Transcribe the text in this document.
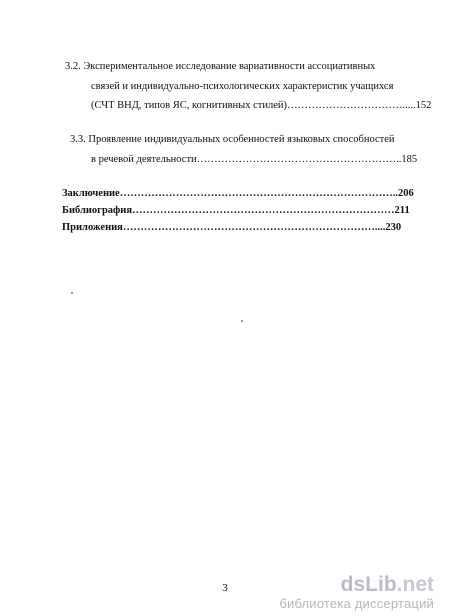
3.2. Экспериментальное исследование вариативности ассоциативных
связей и индивидуально-психологических характеристик учащихся
(СЧТ ВНД, типов ЯС, когнитивных стилей)…………………………….....152
3.3. Проявление индивидуальных особенностей языковых способностей
в речевой деятельности…………………………………………………..185
Заключение……………………………………………………………………..206
Библиография…………………………………………………………………211
Приложения………………………………………………………………....230
3	dsLib.net
библиотека диссертаций
